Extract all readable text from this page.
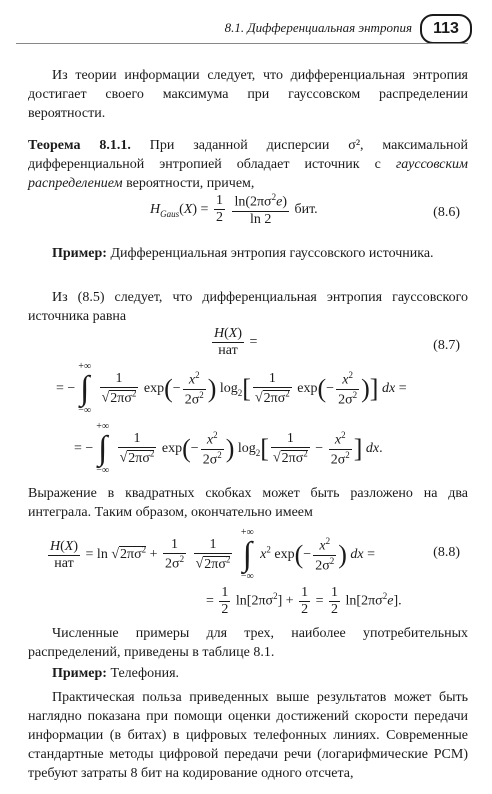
8.1. Дифференциальная энтропия	113
Из теории информации следует, что дифференциальная энтропия достигает своего максимума при гауссовском распределении вероятности.
Теорема 8.1.1. При заданной дисперсии σ², максимальной дифференциальной энтропией обладает источник с гауссовским распределением вероятности, причем,
$H_{Gaus}(X) = \frac{1}{2}$
$\frac{\ln(2\pi\sigma^2e)}{\ln 2}$ бит.	(8.6)
Пример: Дифференциальная энтропия гауссовского источника.
Из (8.5) следует, что дифференциальная энтропия гауссовского источника равна
$\frac{H(X)}{\text{нат}}$ =	(8.7)
= −
+∞
∫
−∞

$\frac{1}{√2\pi\sigma^2} \exp(- \frac{x^2}{2\sigma^2}$ ) $\log_2[ \frac{1}{√2\pi\sigma^2} \exp(- \frac{x^2}{2\sigma^2}$ )] dx =
= −
+∞
∫
−∞

$\frac{1}{√2\pi\sigma^2} \exp(- \frac{x^2}{2\sigma^2}$ ) $\log_2[ \frac{1}{√2\pi\sigma^2} - \frac{x^2}{2\sigma^2}$ ] dx.
Выражение в квадратных скобках может быть разложено на два интеграла. Таким образом, окончательно имеем
$\frac{H(X)}{\text{нат}} = \ln √2\pi\sigma^2 + \frac{1}{2\sigma^2}$
$\frac{1}{√2\pi\sigma^2}$

+∞
∫
−∞
$x^2$ $\exp(- \frac{x^2}{2\sigma^2}$ ) dx =	(8.8)
= $\frac{1}{2} \ln[2\pi\sigma^2] + \frac{1}{2} = \frac{1}{2} \ln[2\pi\sigma^2e]$.
Численные примеры для трех, наиболее употребительных распределений, приведены в таблице 8.1.
Пример: Телефония.
Практическая польза приведенных выше результатов может быть наглядно показана при помощи оценки достижений скорости передачи информации (в битах) в цифровых телефонных линиях. Современные стандартные методы цифровой передачи речи (логарифмические PCM) требуют затраты 8 бит на кодирование одного отсчета,
